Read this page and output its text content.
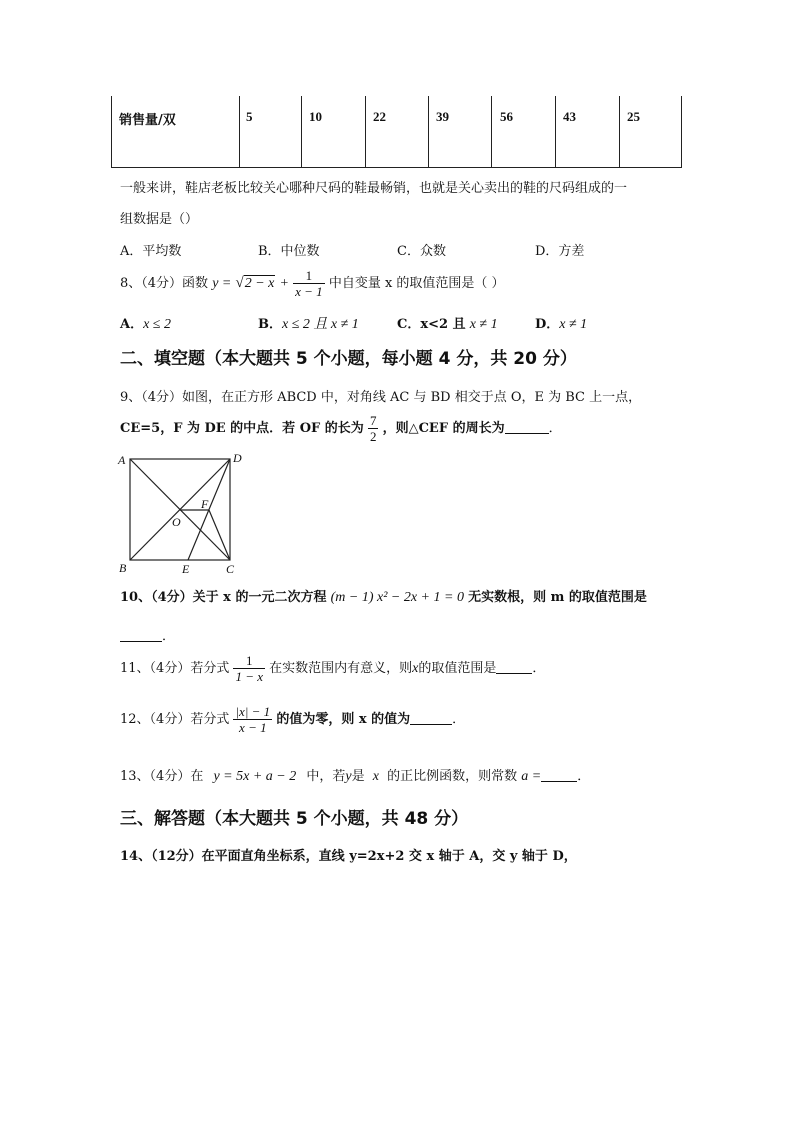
销售量/双	5	10	22	39	56	43	25
一般来讲，鞋店老板比较关心哪种尺码的鞋最畅销，也就是关心卖出的鞋的尺码组成的一
组数据是（）
A．平均数	B．中位数	C．众数	D．方差
8、（4分）函数 $y = √2 - x + \frac{1}{x - 1}$ 中自变量 x 的取值范围是（ ）
A．x ≤ 2	B．x ≤ 2 且 x ≠ 1	C．x<2 且 x ≠ 1	D．x ≠ 1
二、填空题（本大题共 5 个小题，每小题 4 分，共 20 分）
9、（4分）如图，在正方形 ABCD 中，对角线 AC 与 BD 相交于点 O，E 为 BC 上一点，
CE=5，F 为 DE 的中点．若 OF 的长为 $\frac{7}{2}$ ，则△CEF 的周长为	．
A	D
B	C
O
F
E
10、（4分）关于 x 的一元二次方程 (m − 1) x² − 2x + 1 = 0 无实数根，则 m 的取值范围是
．
11、（4分）若分式 $\frac{1}{1 - x}$ 在实数范围内有意义，则x的取值范围是	．
12、（4分）若分式 $\frac{|x| - 1}{x - 1}$ 的值为零，则 x 的值为	．
13、（4分）在 y = 5x + a − 2 中，若y是 x 的正比例函数，则常数 a =	．
三、解答题（本大题共 5 个小题，共 48 分）
14、（12分）在平面直角坐标系，直线 y=2x+2 交 x 轴于 A，交 y 轴于 D，
